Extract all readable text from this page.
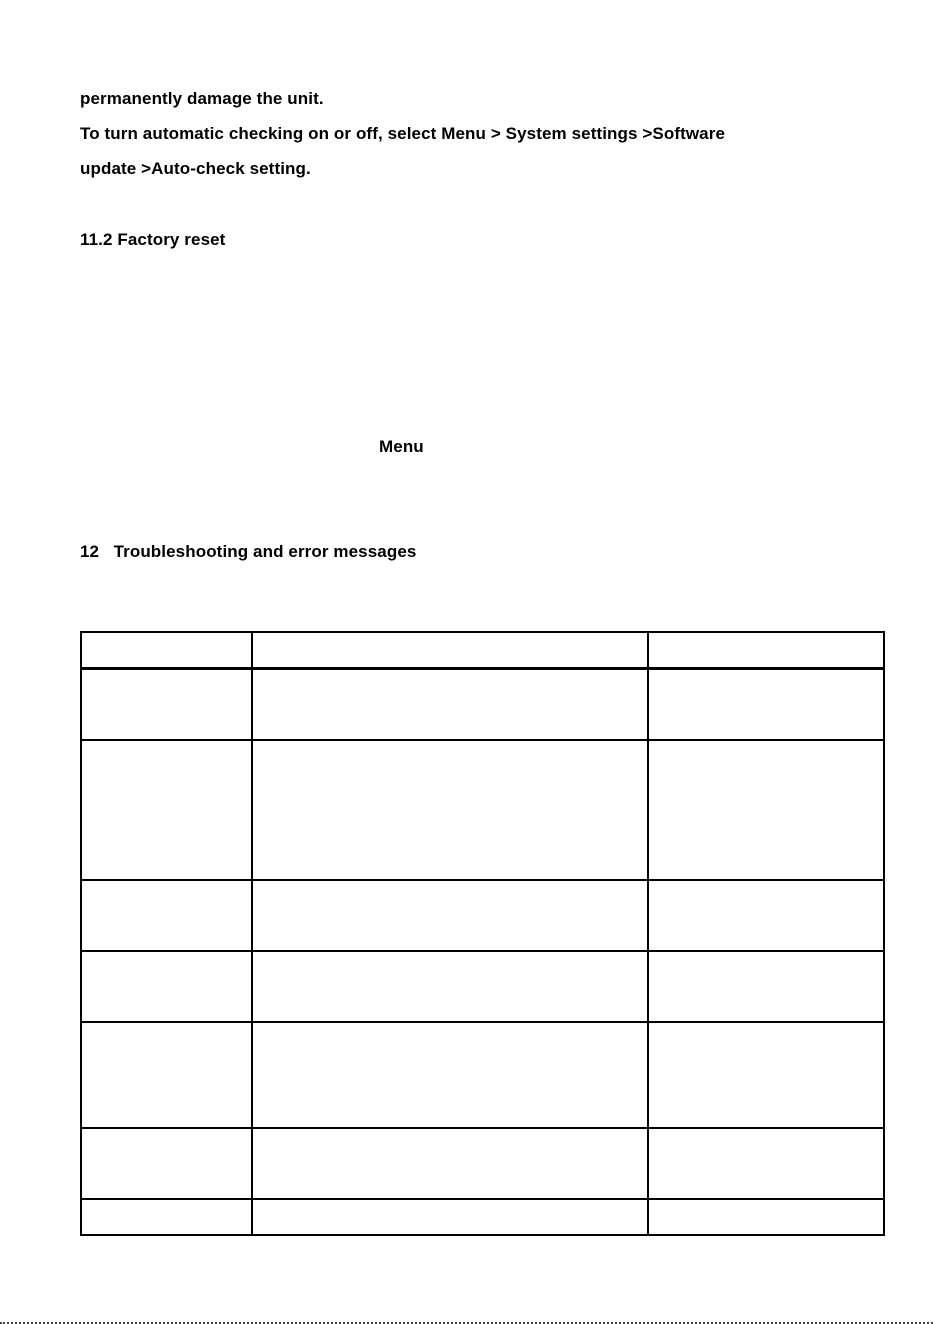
permanently damage the unit.
To turn automatic checking on or off, select Menu > System settings >Software
update >Auto-check setting.
11.2 Factory reset
Menu
12   Troubleshooting and error messages
